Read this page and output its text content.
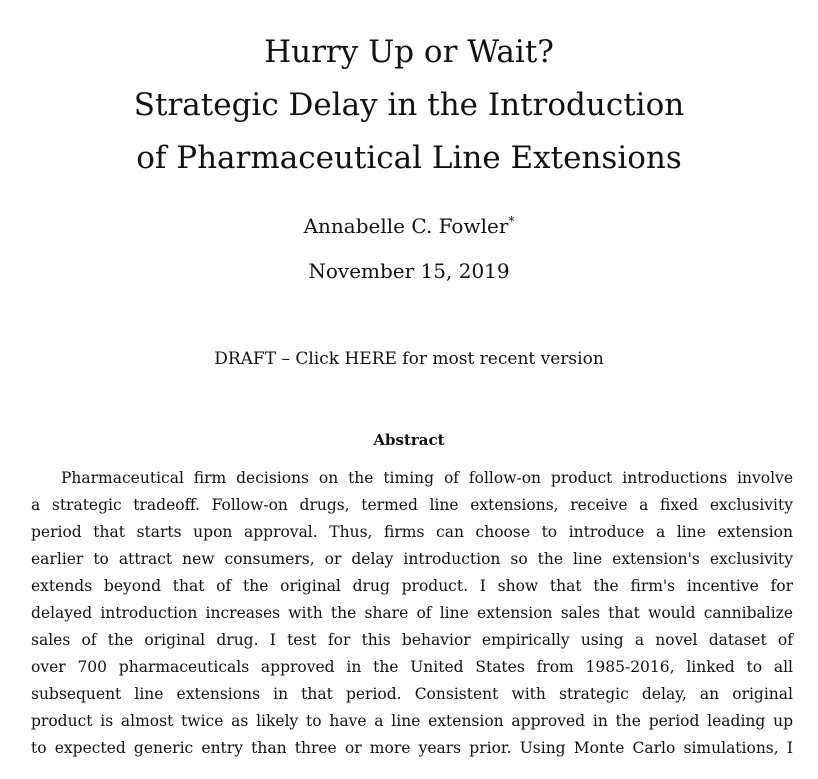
Hurry Up or Wait?
Strategic Delay in the Introduction
of Pharmaceutical Line Extensions
Annabelle C. Fowler*
November 15, 2019
DRAFT – Click HERE for most recent version
Abstract
Pharmaceutical firm decisions on the timing of follow-on product introductions involve
a strategic tradeoff. Follow-on drugs, termed line extensions, receive a fixed exclusivity
period that starts upon approval. Thus, firms can choose to introduce a line extension
earlier to attract new consumers, or delay introduction so the line extension's exclusivity
extends beyond that of the original drug product. I show that the firm's incentive for
delayed introduction increases with the share of line extension sales that would cannibalize
sales of the original drug. I test for this behavior empirically using a novel dataset of
over 700 pharmaceuticals approved in the United States from 1985-2016, linked to all
subsequent line extensions in that period. Consistent with strategic delay, an original
product is almost twice as likely to have a line extension approved in the period leading up
to expected generic entry than three or more years prior. Using Monte Carlo simulations, I
